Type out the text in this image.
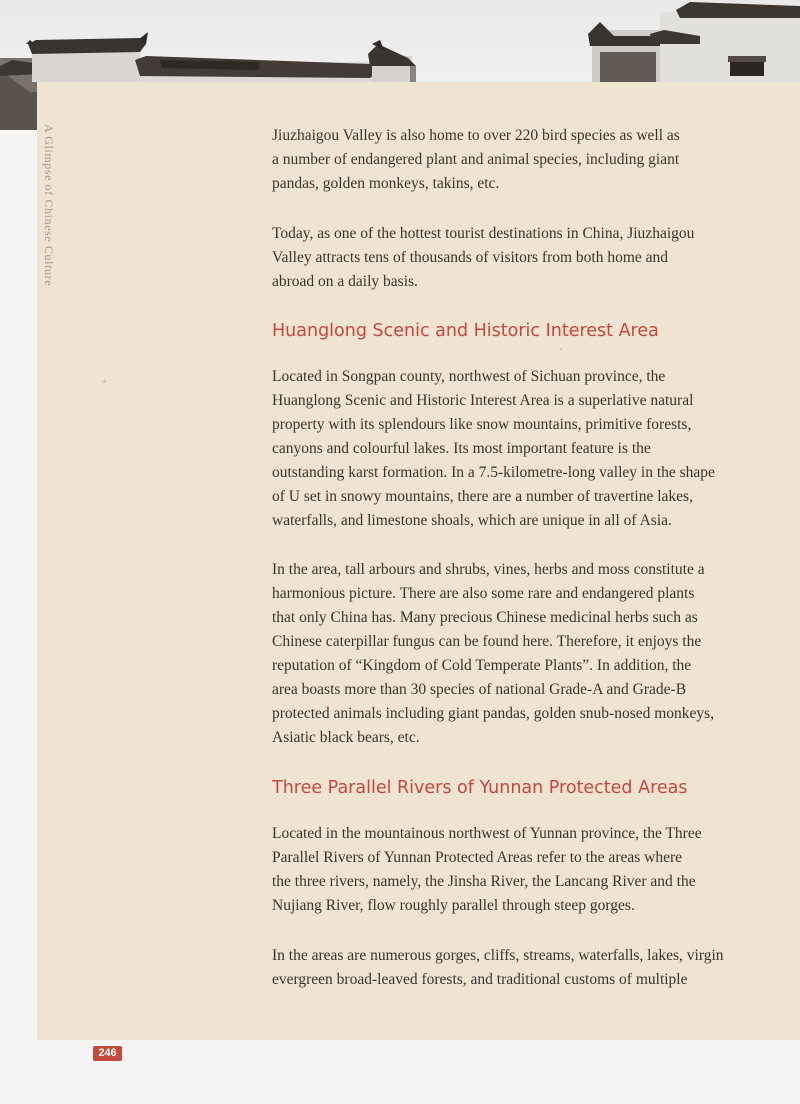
A Glimpse of Chinese Culture	Jiuzhaigou Valley is also home to over 220 bird species as well as
a number of endangered plant and animal species, including giant
pandas, golden monkeys, takins, etc.

Today, as one of the hottest tourist destinations in China, Jiuzhaigou
Valley attracts tens of thousands of visitors from both home and
abroad on a daily basis.

Huanglong Scenic and Historic Interest Area

Located in Songpan county, northwest of Sichuan province, the
Huanglong Scenic and Historic Interest Area is a superlative natural
property with its splendours like snow mountains, primitive forests,
canyons and colourful lakes. Its most important feature is the
outstanding karst formation. In a 7.5-kilometre-long valley in the shape
of U set in snowy mountains, there are a number of travertine lakes,
waterfalls, and limestone shoals, which are unique in all of Asia.

In the area, tall arbours and shrubs, vines, herbs and moss constitute a
harmonious picture. There are also some rare and endangered plants
that only China has. Many precious Chinese medicinal herbs such as
Chinese caterpillar fungus can be found here. Therefore, it enjoys the
reputation of “Kingdom of Cold Temperate Plants”. In addition, the
area boasts more than 30 species of national Grade-A and Grade-B
protected animals including giant pandas, golden snub-nosed monkeys,
Asiatic black bears, etc.

Three Parallel Rivers of Yunnan Protected Areas

Located in the mountainous northwest of Yunnan province, the Three
Parallel Rivers of Yunnan Protected Areas refer to the areas where
the three rivers, namely, the Jinsha River, the Lancang River and the
Nujiang River, flow roughly parallel through steep gorges.

In the areas are numerous gorges, cliffs, streams, waterfalls, lakes, virgin
evergreen broad-leaved forests, and traditional customs of multiple

246
